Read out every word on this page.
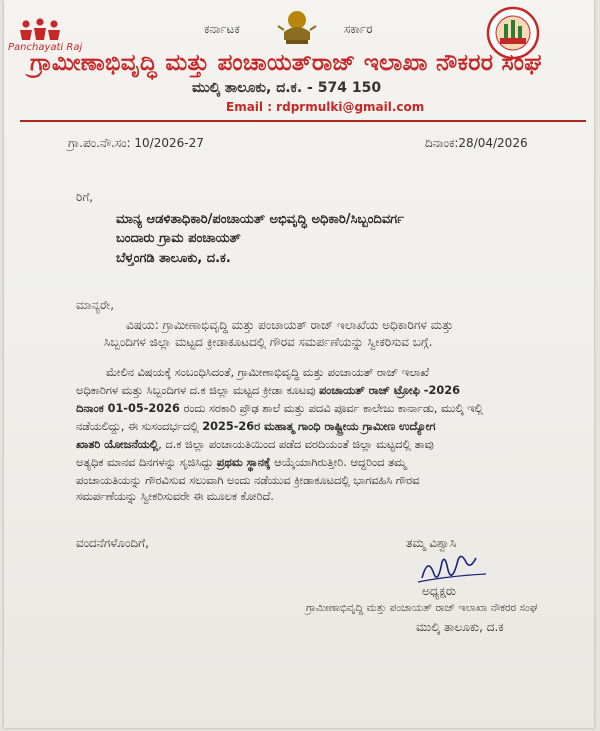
Panchayati Raj
ಕರ್ನಾಟಕ	ಸರ್ಕಾರ
ಗ್ರಾಮೀಣಾಭಿವೃದ್ಧಿ ಮತ್ತು ಪಂಚಾಯತ್‌ರಾಜ್ ಇಲಾಖಾ ನೌಕರರ ಸಂಘ
ಮುಲ್ಕಿ ತಾಲೂಕು, ದ.ಕ. - 574 150
Email : rdprmulki@gmail.com
ಗ್ರಾ.ಪಂ.ನೌ.ಸಂ: 10/2026-27	ದಿನಾಂಕ:28/04/2026
ರಿಗೆ,
ಮಾನ್ಯ ಆಡಳಿತಾಧಿಕಾರಿ/ಪಂಚಾಯತ್ ಅಭಿವೃದ್ಧಿ ಅಧಿಕಾರಿ/ಸಿಬ್ಬಂದಿವರ್ಗ
ಬಂದಾರು ಗ್ರಾಮ ಪಂಚಾಯತ್
ಬೆಳ್ತಂಗಡಿ ತಾಲೂಕು, ದ.ಕ.
ಮಾನ್ಯರೇ,
ವಿಷಯ: ಗ್ರಾಮೀಣಾಭಿವೃದ್ಧಿ ಮತ್ತು ಪಂಚಾಯತ್ ರಾಜ್ ಇಲಾಖೆಯ ಅಧಿಕಾರಿಗಳ ಮತ್ತು
ಸಿಬ್ಬಂದಿಗಳ ಜಿಲ್ಲಾ ಮಟ್ಟದ ಕ್ರೀಡಾಕೂಟದಲ್ಲಿ ಗೌರವ ಸಮರ್ಪಣೆಯನ್ನು ಸ್ವೀಕರಿಸುವ ಬಗ್ಗೆ.
ಮೇಲಿನ ವಿಷಯಕ್ಕೆ ಸಂಬಂಧಿಸಿದಂತೆ, ಗ್ರಾಮೀಣಾಭಿವೃದ್ಧಿ ಮತ್ತು ಪಂಚಾಯತ್ ರಾಜ್ ಇಲಾಖೆ
ಅಧಿಕಾರಿಗಳ ಮತ್ತು ಸಿಬ್ಬಂದಿಗಳ ದ.ಕ ಜಿಲ್ಲಾ ಮಟ್ಟದ ಕ್ರೀಡಾ ಕೂಟವು ಪಂಚಾಯತ್ ರಾಜ್ ಟ್ರೋಫಿ -2026
ದಿನಾಂಕ 01-05-2026 ರಂದು ಸರಕಾರಿ ಪ್ರೌಢ ಶಾಲೆ ಮತ್ತು ಪದವಿ ಪೂರ್ವ ಕಾಲೇಜು ಕಾರ್ನಾಡು, ಮುಲ್ಕಿ ಇಲ್ಲಿ
ನಡೆಯಲಿದ್ದು, ಈ ಸುಸಂದರ್ಭದಲ್ಲಿ 2025-26ರ ಮಹಾತ್ಮ ಗಾಂಧಿ ರಾಷ್ಟ್ರೀಯ ಗ್ರಾಮೀಣ ಉದ್ಯೋಗ
ಖಾತರಿ ಯೋಜನೆಯಲ್ಲಿ, ದ.ಕ ಜಿಲ್ಲಾ ಪಂಚಾಯತಿಯಿಂದ ಪಡೆದ ವರದಿಯಂತೆ ಜಿಲ್ಲಾ ಮಟ್ಟದಲ್ಲಿ ತಾವು
ಅತ್ಯಧಿಕ ಮಾನವ ದಿನಗಳನ್ನು ಸೃಜಿಸಿದ್ದು ಪ್ರಥಮ ಸ್ಥಾನಕ್ಕೆ ಆಯ್ಕೆಯಾಗಿರುತ್ತೀರಿ. ಆದ್ದರಿಂದ ತಮ್ಮ
ಪಂಚಾಯತಿಯನ್ನು ಗೌರವಿಸುವ ಸಲುವಾಗಿ ಅಂದು ನಡೆಯುವ ಕ್ರೀಡಾಕೂಟದಲ್ಲಿ ಭಾಗವಹಿಸಿ ಗೌರವ
ಸಮರ್ಪಣೆಯನ್ನು ಸ್ವೀಕರಿಸುವರೇ ಈ ಮೂಲಕ ಕೋರಿದೆ.
ವಂದನೆಗಳೊಂದಿಗೆ,	ತಮ್ಮ ವಿಶ್ವಾಸಿ
ಅಧ್ಯಕ್ಷರು
ಗ್ರಾಮೀಣಾಭಿವೃದ್ಧಿ ಮತ್ತು ಪಂಚಾಯತ್ ರಾಜ್ ಇಲಾಖಾ ನೌಕರರ ಸಂಘ
ಮುಲ್ಕಿ ತಾಲೂಕು, ದ.ಕ
